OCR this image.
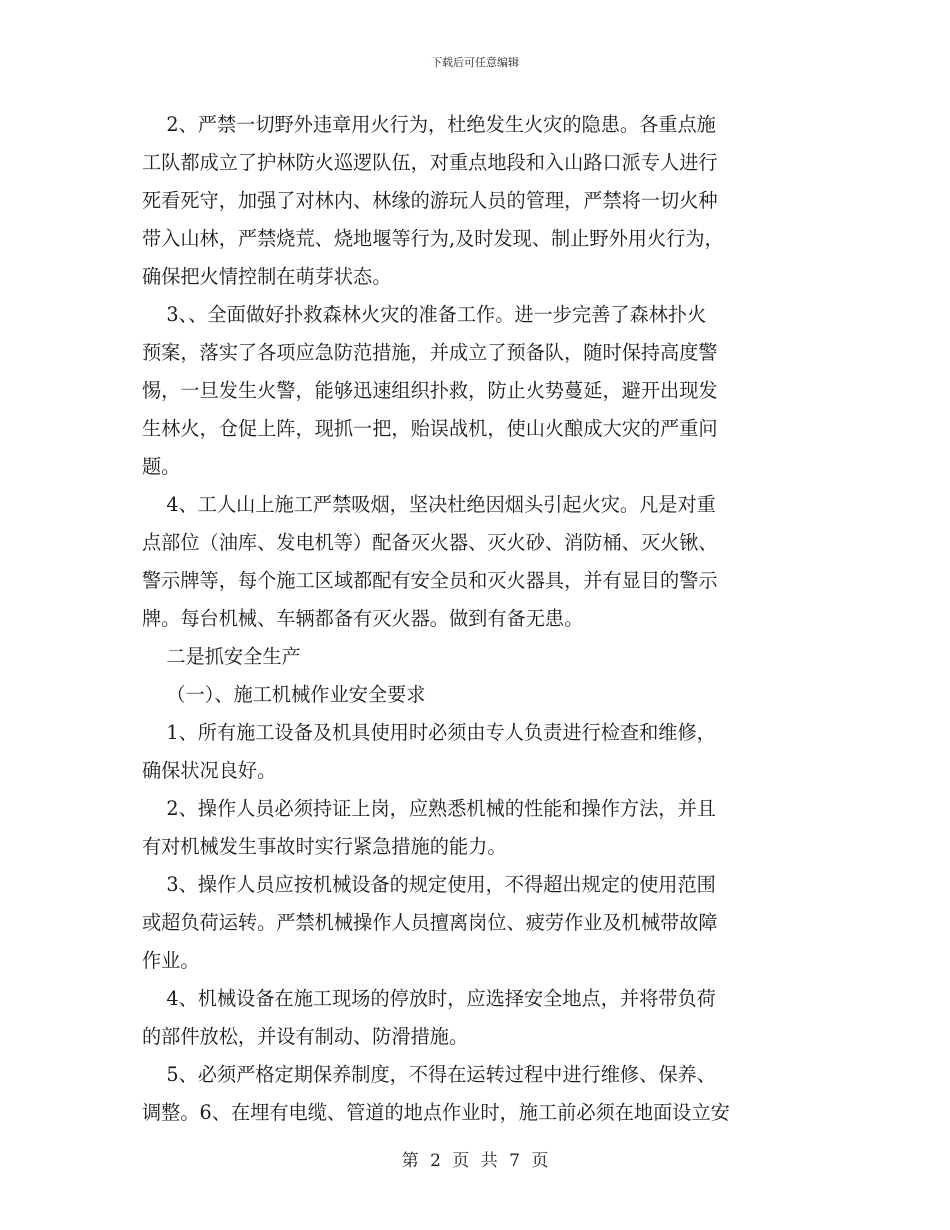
下载后可任意编辑
2、严禁一切野外违章用火行为，杜绝发生火灾的隐患。各重点施
工队都成立了护林防火巡逻队伍，对重点地段和入山路口派专人进行
死看死守，加强了对林内、林缘的游玩人员的管理，严禁将一切火种
带入山林，严禁烧荒、烧地堰等行为,及时发现、制止野外用火行为，
确保把火情控制在萌芽状态。
3、、全面做好扑救森林火灾的准备工作。进一步完善了森林扑火
预案，落实了各项应急防范措施，并成立了预备队，随时保持高度警
惕，一旦发生火警，能够迅速组织扑救，防止火势蔓延，避开出现发
生林火，仓促上阵，现抓一把，贻误战机，使山火酿成大灾的严重问
题。
4、工人山上施工严禁吸烟，坚决杜绝因烟头引起火灾。凡是对重
点部位（油库、发电机等）配备灭火器、灭火砂、消防桶、灭火锹、
警示牌等，每个施工区域都配有安全员和灭火器具，并有显目的警示
牌。每台机械、车辆都备有灭火器。做到有备无患。
二是抓安全生产
（一）、施工机械作业安全要求
1、所有施工设备及机具使用时必须由专人负责进行检查和维修，
确保状况良好。
2、操作人员必须持证上岗，应熟悉机械的性能和操作方法，并且
有对机械发生事故时实行紧急措施的能力。
3、操作人员应按机械设备的规定使用，不得超出规定的使用范围
或超负荷运转。严禁机械操作人员擅离岗位、疲劳作业及机械带故障
作业。
4、机械设备在施工现场的停放时，应选择安全地点，并将带负荷
的部件放松，并设有制动、防滑措施。
5、必须严格定期保养制度，不得在运转过程中进行维修、保养、
调整。6、在埋有电缆、管道的地点作业时，施工前必须在地面设立安
第 2 页 共 7 页
